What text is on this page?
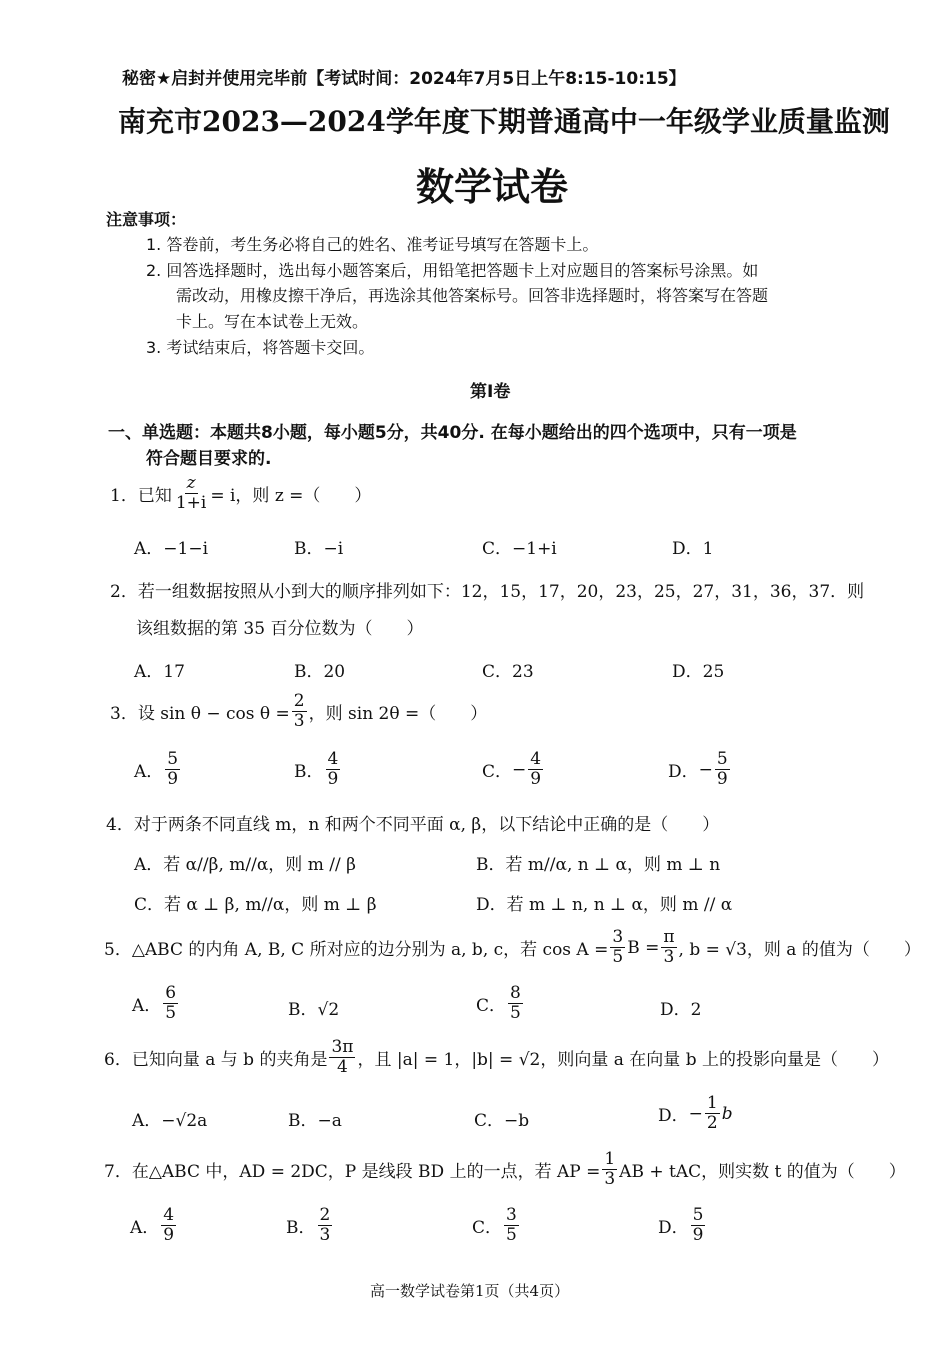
秘密★启封并使用完毕前【考试时间：2024年7月5日上午8:15-10:15】
南充市2023—2024学年度下期普通高中一年级学业质量监测
数学试卷
注意事项：
1. 答卷前，考生务必将自己的姓名、准考证号填写在答题卡上。
2. 回答选择题时，选出每小题答案后，用铅笔把答题卡上对应题目的答案标号涂黑。如
需改动，用橡皮擦干净后，再选涂其他答案标号。回答非选择题时，将答案写在答题
卡上。写在本试卷上无效。
3. 考试结束后，将答题卡交回。
第I卷
一、单选题：本题共8小题，每小题5分，共40分. 在每小题给出的四个选项中，只有一项是
符合题目要求的.
1．已知 $\frac{z}{1+i} = i$，则 z =（　　）
A．−1−i	B．−i	C．−1+i	D．1
2．若一组数据按照从小到大的顺序排列如下：12，15，17，20，23，25，27，31，36，37．则
该组数据的第 35 百分位数为（　　）
A．17	B．20	C．23	D．25
3．设 $\sin \theta - \cos \theta = \frac{2}{3}$ ，则 sin 2θ =（　　）
A． $\frac{5}{9}$	B． $\frac{4}{9}$	C． − $\frac{4}{9}$	D． − $\frac{5}{9}$
4．对于两条不同直线 m，n 和两个不同平面 α, β，以下结论中正确的是（　　）
A．若 α//β, m//α，则 m // β	B．若 m//α, n ⊥ α，则 m ⊥ n
C．若 α ⊥ β, m//α，则 m ⊥ β	D．若 m ⊥ n, n ⊥ α，则 m // α
5．△ABC 的内角 A, B, C 所对应的边分别为 a, b, c，若 $\cos A = \frac{3}{5}$ $B = \frac{\pi}{3}$ , b = √3，则 a 的值为（　　）
A． $\frac{6}{5}$	B．√2	C． $\frac{8}{5}$	D．2
6．已知向量 a 与 b 的夹角是 $\frac{3\pi}{4}$ ，且 |a| = 1，|b| = √2，则向量 a 在向量 b 上的投影向量是（　　）
A．−√2a	B．−a	C．−b	D． − $\frac{1}{2}$ b
7．在△ABC 中，AD = 2DC，P 是线段 BD 上的一点，若 AP = $\frac{1}{3}$ AB + tAC，则实数 t 的值为（　　）
A． $\frac{4}{9}$	B． $\frac{2}{3}$	C． $\frac{3}{5}$	D． $\frac{5}{9}$
高一数学试卷第1页（共4页）
